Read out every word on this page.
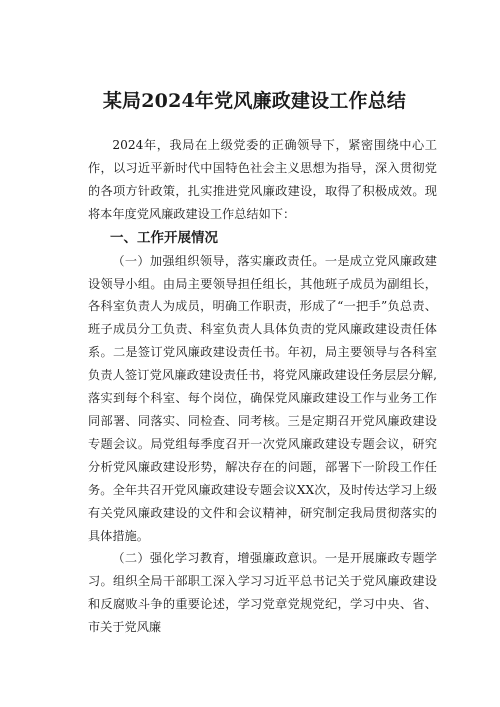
某局2024年党风廉政建设工作总结

2024年，我局在上级党委的正确领导下，紧密围绕中心工作，以习近平新时代中国特色社会主义思想为指导，深入贯彻党的各项方针政策，扎实推进党风廉政建设，取得了积极成效。现将本年度党风廉政建设工作总结如下：

一、工作开展情况

（一）加强组织领导，落实廉政责任。一是成立党风廉政建设领导小组。由局主要领导担任组长，其他班子成员为副组长，各科室负责人为成员，明确工作职责，形成了“一把手”负总责、班子成员分工负责、科室负责人具体负责的党风廉政建设责任体系。二是签订党风廉政建设责任书。年初，局主要领导与各科室负责人签订党风廉政建设责任书，将党风廉政建设任务层层分解,落实到每个科室、每个岗位，确保党风廉政建设工作与业务工作同部署、同落实、同检查、同考核。三是定期召开党风廉政建设专题会议。局党组每季度召开一次党风廉政建设专题会议，研究分析党风廉政建设形势，解决存在的问题，部署下一阶段工作任务。全年共召开党风廉政建设专题会议XX次，及时传达学习上级有关党风廉政建设的文件和会议精神，研究制定我局贯彻落实的具体措施。

（二）强化学习教育，增强廉政意识。一是开展廉政专题学习。组织全局干部职工深入学习习近平总书记关于党风廉政建设和反腐败斗争的重要论述，学习党章党规党纪，学习中央、省、市关于党风廉
